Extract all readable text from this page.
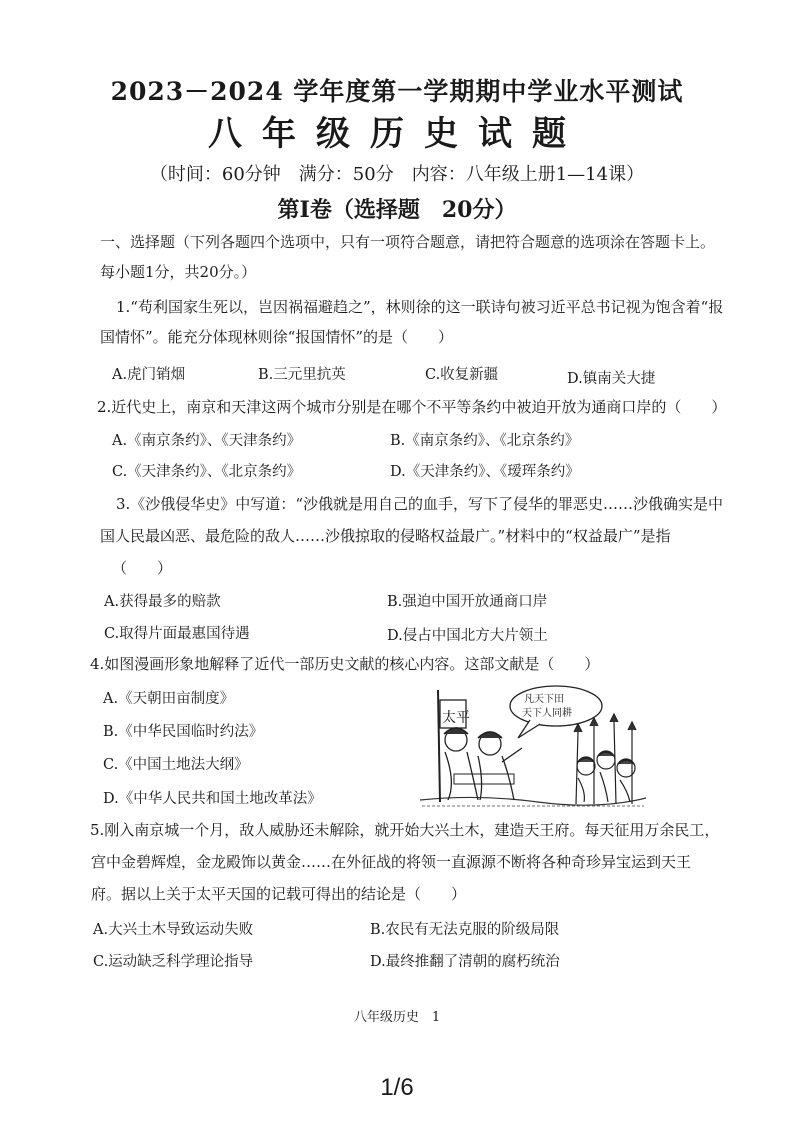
2023－2024 学年度第一学期期中学业水平测试
八年级历史试题
（时间：60分钟　满分：50分　内容：八年级上册1—14课）
第Ⅰ卷（选择题　20分）
一、选择题（下列各题四个选项中，只有一项符合题意，请把符合题意的选项涂在答题卡上。
每小题1分，共20分。）
1.“苟利国家生死以，岂因祸福避趋之”，林则徐的这一联诗句被习近平总书记视为饱含着“报
国情怀”。能充分体现林则徐“报国情怀”的是（　　）
A.虎门销烟	B.三元里抗英	C.收复新疆	D.镇南关大捷
2.近代史上，南京和天津这两个城市分别是在哪个不平等条约中被迫开放为通商口岸的（　　）
A.《南京条约》、《天津条约》	B.《南京条约》、《北京条约》
C.《天津条约》、《北京条约》	D.《天津条约》、《瑷珲条约》
3.《沙俄侵华史》中写道：“沙俄就是用自己的血手，写下了侵华的罪恶史……沙俄确实是中
国人民最凶恶、最危险的敌人……沙俄掠取的侵略权益最广。”材料中的“权益最广”是指
（　　）
A.获得最多的赔款	B.强迫中国开放通商口岸
C.取得片面最惠国待遇	D.侵占中国北方大片领土
4.如图漫画形象地解释了近代一部历史文献的核心内容。这部文献是（　　）
A.《天朝田亩制度》
B.《中华民国临时约法》
C.《中国土地法大纲》
D.《中华人民共和国土地改革法》
太平
凡天下田
天下人同耕
5.刚入南京城一个月，敌人威胁还未解除，就开始大兴土木，建造天王府。每天征用万余民工，
宫中金碧辉煌，金龙殿饰以黄金……在外征战的将领一直源源不断将各种奇珍异宝运到天王
府。据以上关于太平天国的记载可得出的结论是（　　）
A.大兴土木导致运动失败	B.农民有无法克服的阶级局限
C.运动缺乏科学理论指导	D.最终推翻了清朝的腐朽统治
八年级历史　1
1/6
